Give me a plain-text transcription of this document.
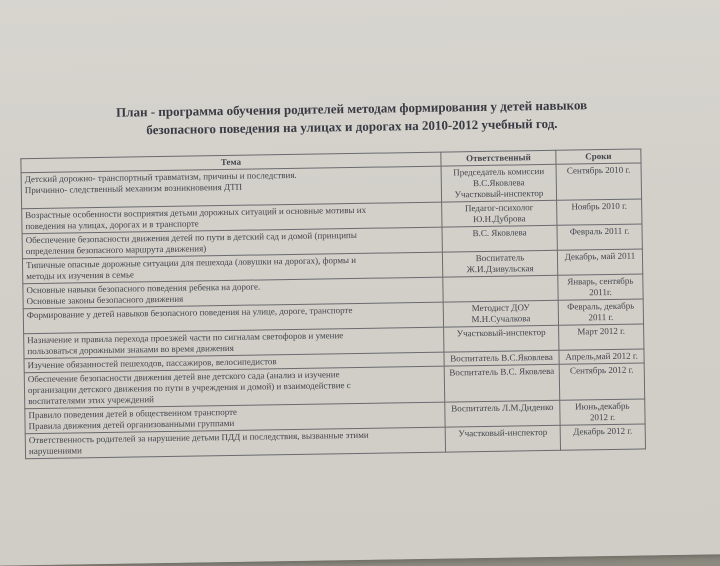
План - программа обучения родителей методам формирования у детей навыков
безопасного поведения на улицах и дорогах на 2010-2012 учебный год.
Тема	Ответственный	Сроки

Детский дорожно- транспортный травматизм, причины и последствия.
Причинно- следственный механизм возникновения ДТП	Председатель комиссии
В.С.Яковлева
Участковый-инспектор	Сентябрь 2010 г.

Возрастные особенности восприятия детьми дорожных ситуаций и основные мотивы их
поведения на улицах, дорогах и в транспорте	Педагог-психолог
Ю.Н.Дуброва	Ноябрь 2010 г.

Обеспечение безопасности движения детей по пути в детский сад и домой (принципы
определения безопасного маршрута движения)	В.С. Яковлева	Февраль 2011 г.

Типичные опасные дорожные ситуации для пешехода (ловушки на дорогах), формы и
методы их изучения в семье	Воспитатель
Ж.И.Дзивульская	Декабрь, май 2011

Основные навыки безопасного поведения ребенка на дороге.
Основные законы безопасного движения		Январь, сентябрь
2011г.

Формирование у детей навыков безопасного поведения на улице, дороге, транспорте	Методист ДОУ
М.Н.Сучалкова	Февраль, декабрь
2011 г.

Назначение и правила перехода проезжей части по сигналам светофоров и умение
пользоваться дорожными знаками во время движения	Участковый-инспектор	Март 2012 г.

Изучение обязанностей пешеходов, пассажиров, велосипедистов	Воспитатель В.С.Яковлева	Апрель,май 2012 г.

Обеспечение безопасности движения детей вне детского сада (анализ и изучение
организации детского движения по пути в учреждения и домой) и взаимодействие с
воспитателями этих учреждений	Воспитатель В.С. Яковлева	Сентябрь 2012 г.

Правило поведения детей в общественном транспорте
Правила движения детей организованными группами	Воспитатель Л.М.Диденко	Июнь,декабрь
2012 г.

Ответственность родителей за нарушение детьми ПДД и последствия, вызванные этими
нарушениями	Участковый-инспектор	Декабрь 2012 г.
